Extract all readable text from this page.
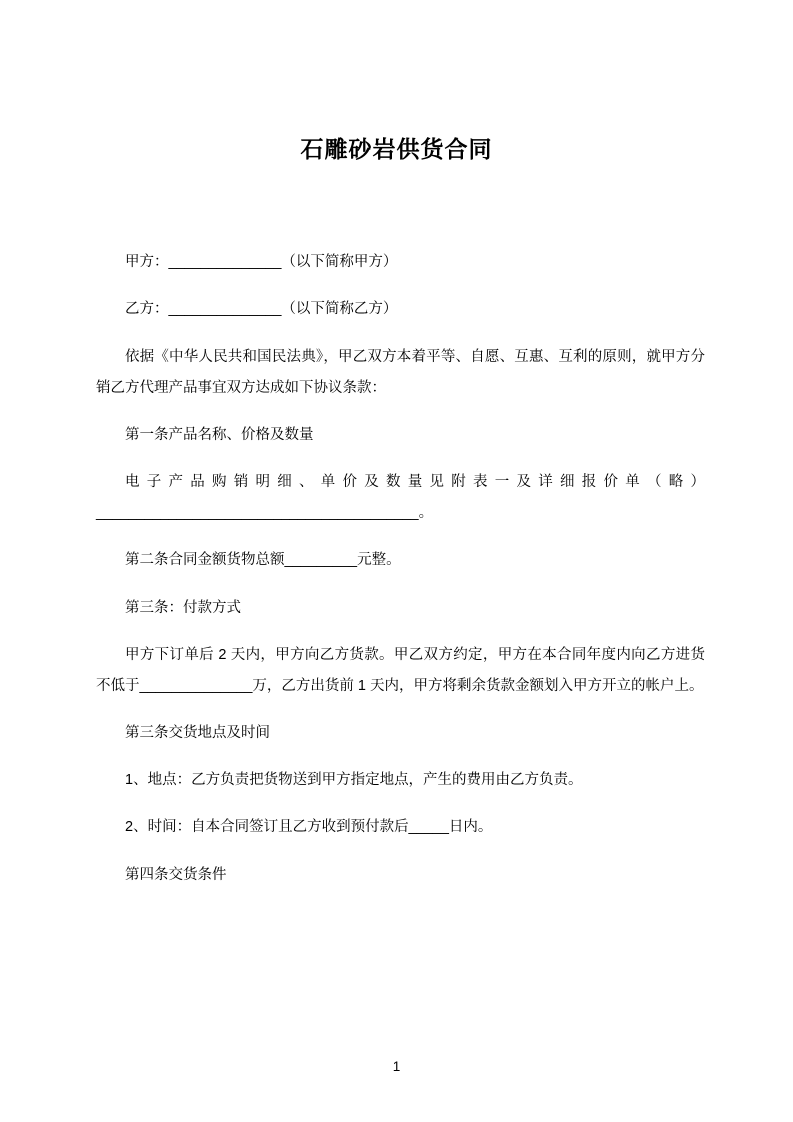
石雕砂岩供货合同

甲方：______________（以下简称甲方）

乙方：______________（以下简称乙方）

依据《中华人民共和国民法典》，甲乙双方本着平等、自愿、互惠、互利的原则，就甲方分销乙方代理产品事宜双方达成如下协议条款：

第一条产品名称、价格及数量

电子产品购销明细、单价及数量见附表一及详细报价单（略）________________________________________。

第二条合同金额货物总额_________元整。

第三条：付款方式

甲方下订单后 2 天内，甲方向乙方货款。甲乙双方约定，甲方在本合同年度内向乙方进货不低于______________万，乙方出货前 1 天内，甲方将剩余货款金额划入甲方开立的帐户上。

第三条交货地点及时间

1、地点：乙方负责把货物送到甲方指定地点，产生的费用由乙方负责。

2、时间：自本合同签订且乙方收到预付款后_____日内。

第四条交货条件

1
